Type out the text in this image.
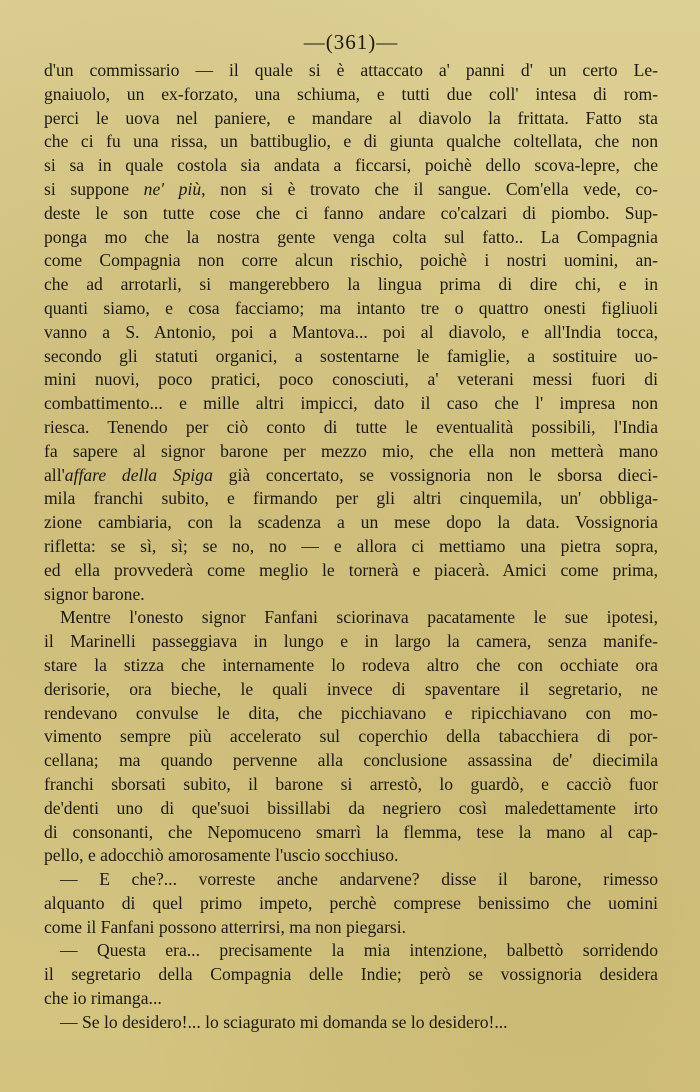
—(361)—
d'un commissario — il quale si è attaccato a' panni d' un certo Le-
gnaiuolo, un ex-forzato, una schiuma, e tutti due coll' intesa di rom-
perci le uova nel paniere, e mandare al diavolo la frittata. Fatto sta
che ci fu una rissa, un battibuglio, e di giunta qualche coltellata, che non
si sa in quale costola sia andata a ficcarsi, poichè dello scova-lepre, che
si suppone ne' più, non si è trovato che il sangue. Com'ella vede, co-
deste le son tutte cose che ci fanno andare co'calzari di piombo. Sup-
ponga mo che la nostra gente venga colta sul fatto.. La Compagnia
come Compagnia non corre alcun rischio, poichè i nostri uomini, an-
che ad arrotarli, si mangerebbero la lingua prima di dire chi, e in
quanti siamo, e cosa facciamo; ma intanto tre o quattro onesti figliuoli
vanno a S. Antonio, poi a Mantova... poi al diavolo, e all'India tocca,
secondo gli statuti organici, a sostentarne le famiglie, a sostituire uo-
mini nuovi, poco pratici, poco conosciuti, a' veterani messi fuori di
combattimento... e mille altri impicci, dato il caso che l' impresa non
riesca. Tenendo per ciò conto di tutte le eventualità possibili, l'India
fa sapere al signor barone per mezzo mio, che ella non metterà mano
all'affare della Spiga già concertato, se vossignoria non le sborsa dieci-
mila franchi subito, e firmando per gli altri cinquemila, un' obbliga-
zione cambiaria, con la scadenza a un mese dopo la data. Vossignoria
rifletta: se sì, sì; se no, no — e allora ci mettiamo una pietra sopra,
ed ella provvederà come meglio le tornerà e piacerà. Amici come prima,
signor barone.
Mentre l'onesto signor Fanfani sciorinava pacatamente le sue ipotesi,
il Marinelli passeggiava in lungo e in largo la camera, senza manife-
stare la stizza che internamente lo rodeva altro che con occhiate ora
derisorie, ora bieche, le quali invece di spaventare il segretario, ne
rendevano convulse le dita, che picchiavano e ripicchiavano con mo-
vimento sempre più accelerato sul coperchio della tabacchiera di por-
cellana; ma quando pervenne alla conclusione assassina de' diecimila
franchi sborsati subito, il barone si arrestò, lo guardò, e cacciò fuor
de'denti uno di que'suoi bissillabi da negriero così maledettamente irto
di consonanti, che Nepomuceno smarrì la flemma, tese la mano al cap-
pello, e adocchiò amorosamente l'uscio socchiuso.
— E che?... vorreste anche andarvene? disse il barone, rimesso
alquanto di quel primo impeto, perchè comprese benissimo che uomini
come il Fanfani possono atterrirsi, ma non piegarsi.
— Questa era... precisamente la mia intenzione, balbettò sorridendo
il segretario della Compagnia delle Indie; però se vossignoria desidera
che io rimanga...
— Se lo desidero!... lo sciagurato mi domanda se lo desidero!...
